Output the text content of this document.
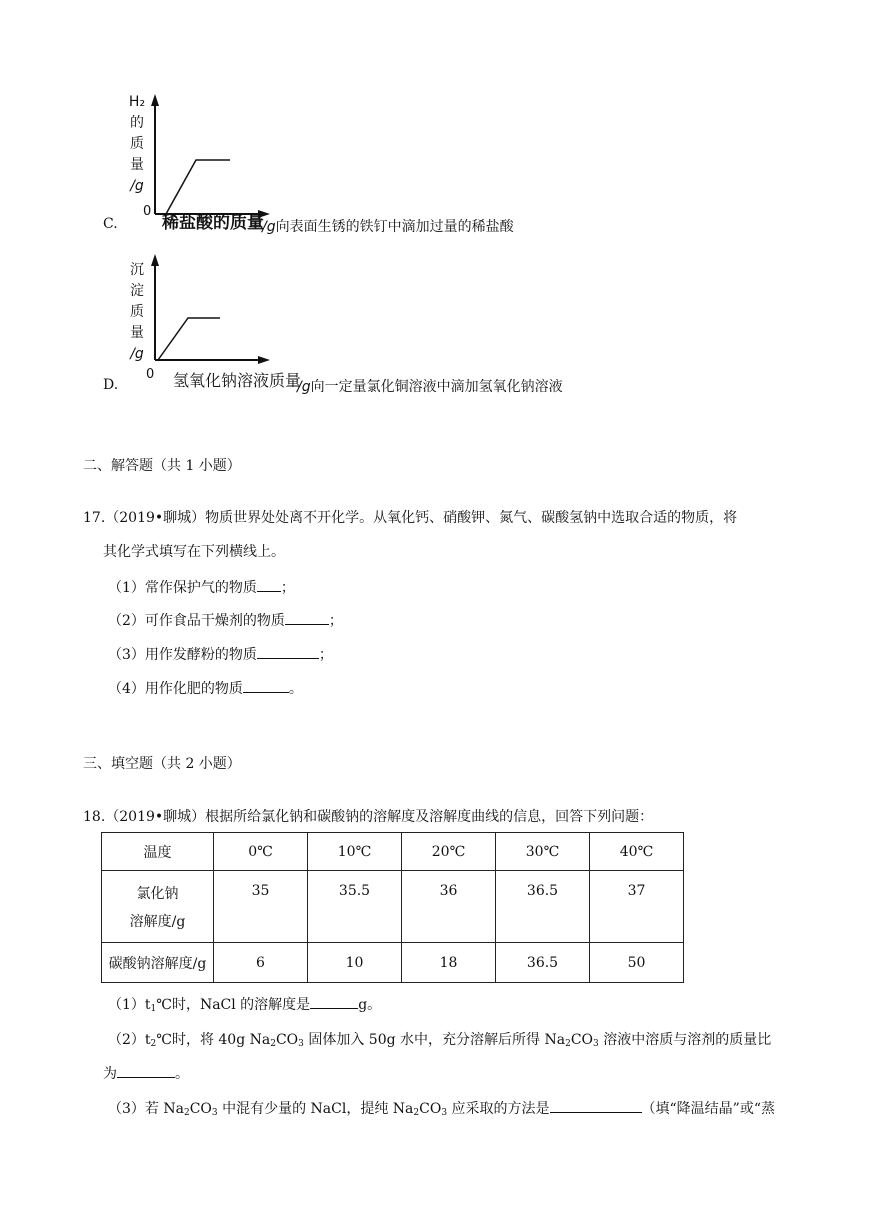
H₂
的
质
量
/g
0
稀盐酸的质量
C.	/g向表面生锈的铁钉中滴加过量的稀盐酸
沉
淀
质
量
/g
0 氢氧化钠溶液质量
D.	/g向一定量氯化铜溶液中滴加氢氧化钠溶液
二、解答题（共 1 小题）
17.（2019•聊城）物质世界处处离不开化学。从氧化钙、硝酸钾、氮气、碳酸氢钠中选取合适的物质，将
其化学式填写在下列横线上。
（1）常作保护气的物质 ；
（2）可作食品干燥剂的物质	；
（3）用作发酵粉的物质	；
（4）用作化肥的物质	。
三、填空题（共 2 小题）
18.（2019•聊城）根据所给氯化钠和碳酸钠的溶解度及溶解度曲线的信息，回答下列问题：
温度	0℃	10℃	20℃	30℃	40℃

氯化钠
溶解度/g	35	35.5	36	36.5	37
碳酸钠溶解度/g	6	10	18	36.5	50
$(1)t_1℃$时，NaCl 的溶解度是	g。
$(2)t_2℃$时，将 40g $Na_2CO_3$ 固体加入 50g 水中，充分溶解后所得 $Na_2CO_3$ 溶液中溶质与溶剂的质量比
为	。
（3）若 $Na_2CO_3$ 中混有少量的 NaCl，提纯 $Na_2CO_3$ 应采取的方法是	（填“降温结晶”或“蒸
